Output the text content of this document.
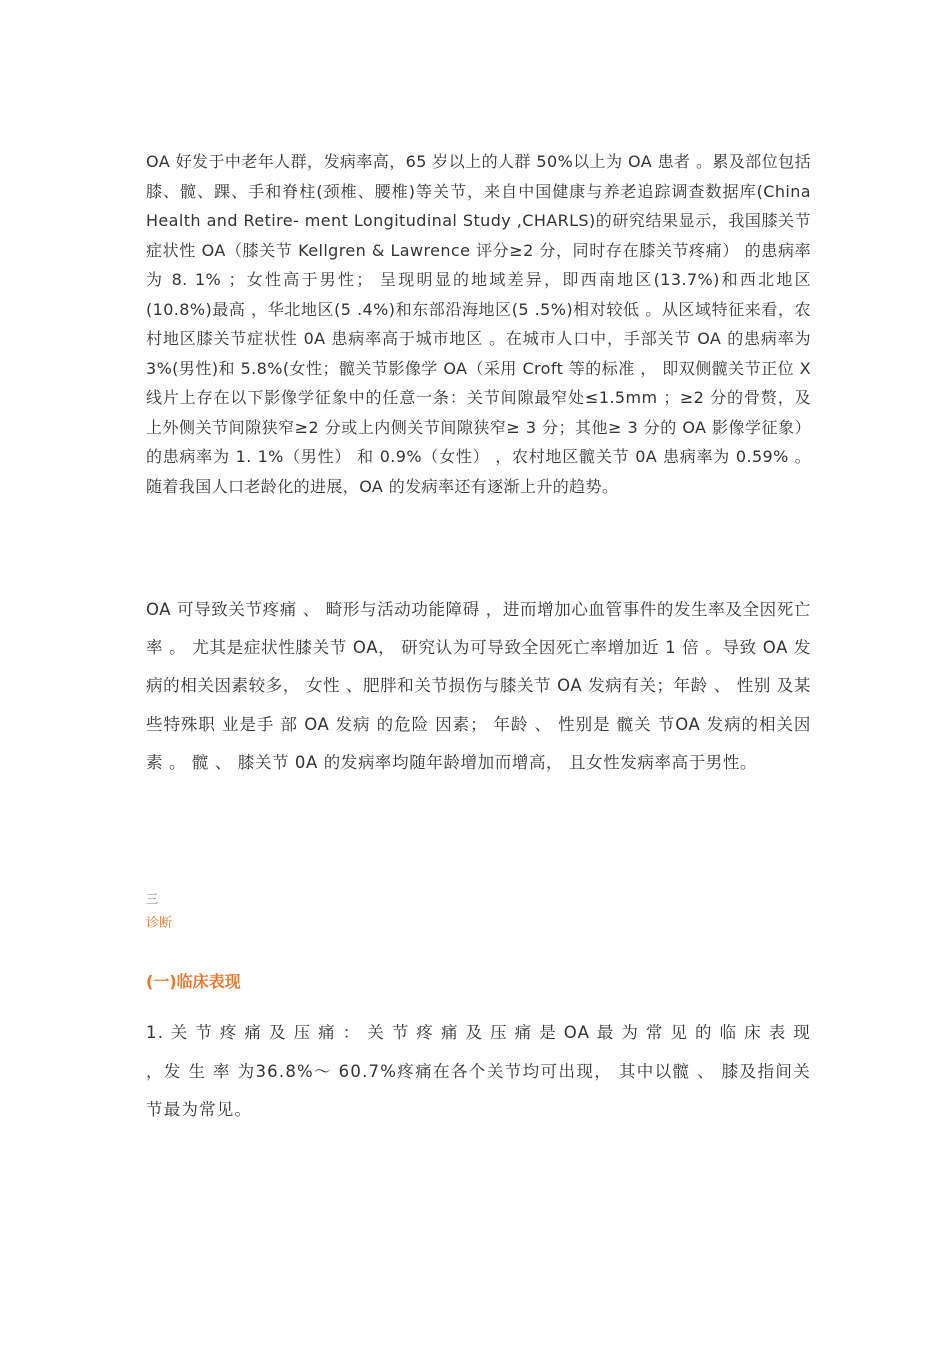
OA 好发于中老年人群，发病率高，65 岁以上的人群 50%以上为 OA 患者 。累及部位包括膝、髋、踝、手和脊柱(颈椎、腰椎)等关节，来自中国健康与养老追踪调查数据库(China Health and Retire- ment Longitudinal Study ,CHARLS)的研究结果显示，我国膝关节症状性 OA（膝关节 Kellgren & Lawrence 评分≥2 分，同时存在膝关节疼痛） 的患病率为 8. 1% ；女性高于男性； 呈现明显的地域差异，即西南地区(13.7%)和西北地区(10.8%)最高 ，华北地区(5 .4%)和东部沿海地区(5 .5%)相对较低 。从区域特征来看，农村地区膝关节症状性 0A 患病率高于城市地区 。在城市人口中，手部关节 OA 的患病率为 3%(男性)和 5.8%(女性；髋关节影像学 OA（采用 Croft 等的标准 ， 即双侧髋关节正位 X 线片上存在以下影像学征象中的任意一条：关节间隙最窄处≤1.5mm ；≥2 分的骨赘，及上外侧关节间隙狭窄≥2 分或上内侧关节间隙狭窄≥ 3 分；其他≥ 3 分的 OA 影像学征象） 的患病率为 1. 1%（男性） 和 0.9%（女性） ，农村地区髋关节 0A 患病率为 0.59% 。随着我国人口老龄化的进展，OA 的发病率还有逐渐上升的趋势。

OA 可导致关节疼痛 、 畸形与活动功能障碍 ，进而增加心血管事件的发生率及全因死亡率 。 尤其是症状性膝关节 OA， 研究认为可导致全因死亡率增加近 1 倍 。导致 OA 发病的相关因素较多， 女性 、肥胖和关节损伤与膝关节 OA 发病有关；年龄 、 性别 及某些特殊职 业是手 部 OA 发病 的危险 因素； 年龄 、 性别是 髋关 节OA 发病的相关因素 。 髋 、 膝关节 0A 的发病率均随年龄增加而增高， 且女性发病率高于男性。

三

诊断

(一)临床表现

1. 关 节 疼 痛 及 压 痛 ： 关 节 疼 痛 及 压 痛 是 OA 最 为 常 见 的 临 床 表 现 ，发 生 率 为36.8%～ 60.7%疼痛在各个关节均可出现， 其中以髋 、 膝及指间关节最为常见。
